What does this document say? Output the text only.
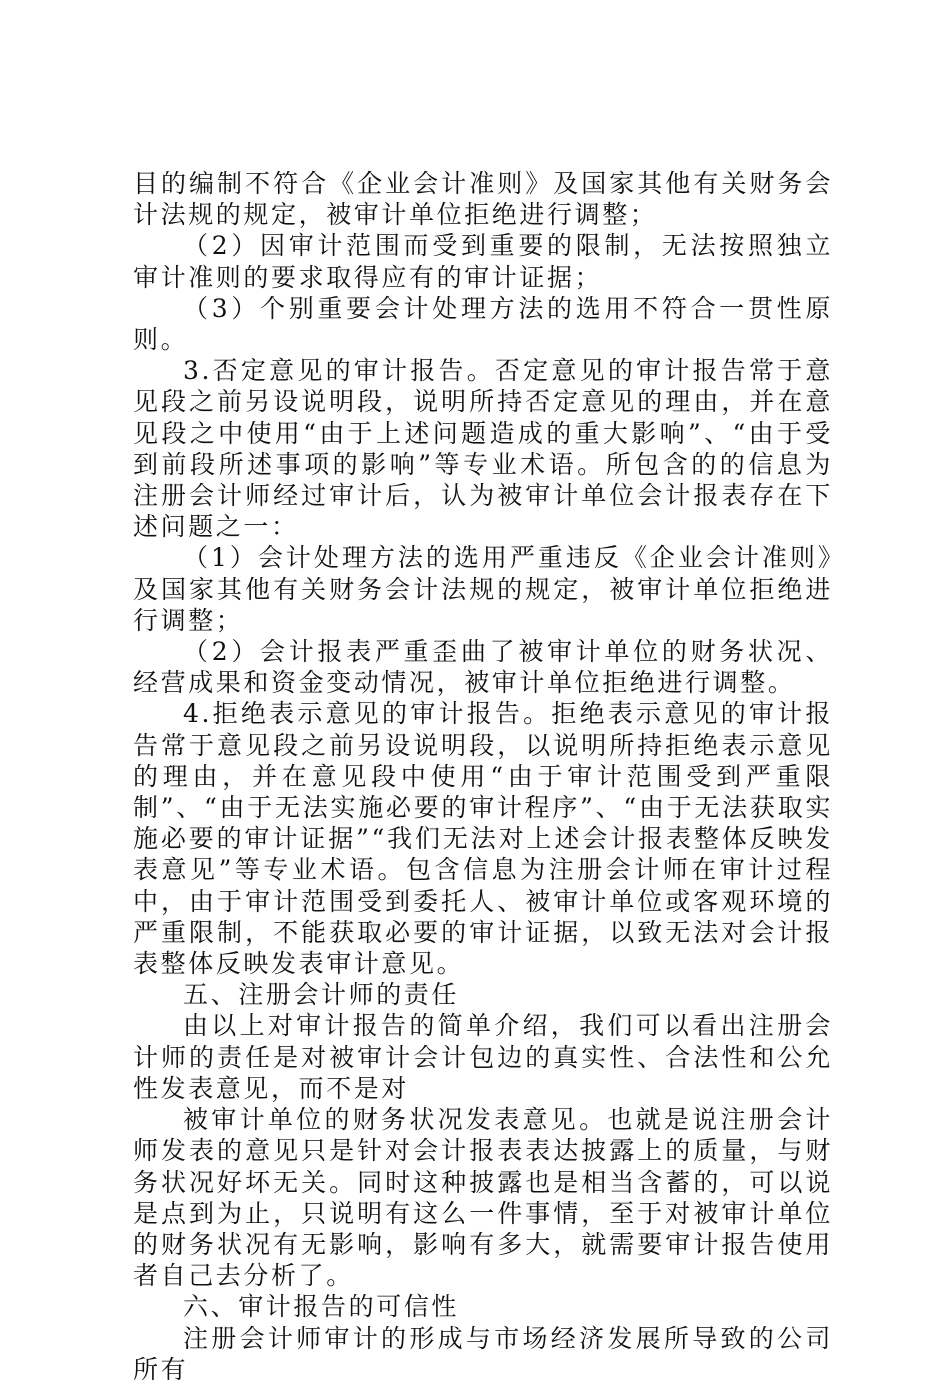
目的编制不符合《企业会计准则》及国家其他有关财务会计法规的规定，被审计单位拒绝进行调整；

（2）因审计范围而受到重要的限制，无法按照独立审计准则的要求取得应有的审计证据；

（3）个别重要会计处理方法的选用不符合一贯性原则。

3.否定意见的审计报告。否定意见的审计报告常于意见段之前另设说明段，说明所持否定意见的理由，并在意见段之中使用“由于上述问题造成的重大影响”、“由于受到前段所述事项的影响”等专业术语。所包含的的信息为注册会计师经过审计后，认为被审计单位会计报表存在下述问题之一：

（1）会计处理方法的选用严重违反《企业会计准则》及国家其他有关财务会计法规的规定，被审计单位拒绝进行调整；

（2）会计报表严重歪曲了被审计单位的财务状况、经营成果和资金变动情况，被审计单位拒绝进行调整。

4.拒绝表示意见的审计报告。拒绝表示意见的审计报告常于意见段之前另设说明段，以说明所持拒绝表示意见的理由，并在意见段中使用“由于审计范围受到严重限制”、“由于无法实施必要的审计程序”、“由于无法获取实施必要的审计证据”“我们无法对上述会计报表整体反映发表意见”等专业术语。包含信息为注册会计师在审计过程中，由于审计范围受到委托人、被审计单位或客观环境的严重限制，不能获取必要的审计证据，以致无法对会计报表整体反映发表审计意见。

五、注册会计师的责任

由以上对审计报告的简单介绍，我们可以看出注册会计师的责任是对被审计会计包边的真实性、合法性和公允性发表意见，而不是对

被审计单位的财务状况发表意见。也就是说注册会计师发表的意见只是针对会计报表表达披露上的质量，与财务状况好坏无关。同时这种披露也是相当含蓄的，可以说是点到为止，只说明有这么一件事情，至于对被审计单位的财务状况有无影响，影响有多大，就需要审计报告使用者自己去分析了。

六、审计报告的可信性

注册会计师审计的形成与市场经济发展所导致的公司所有
